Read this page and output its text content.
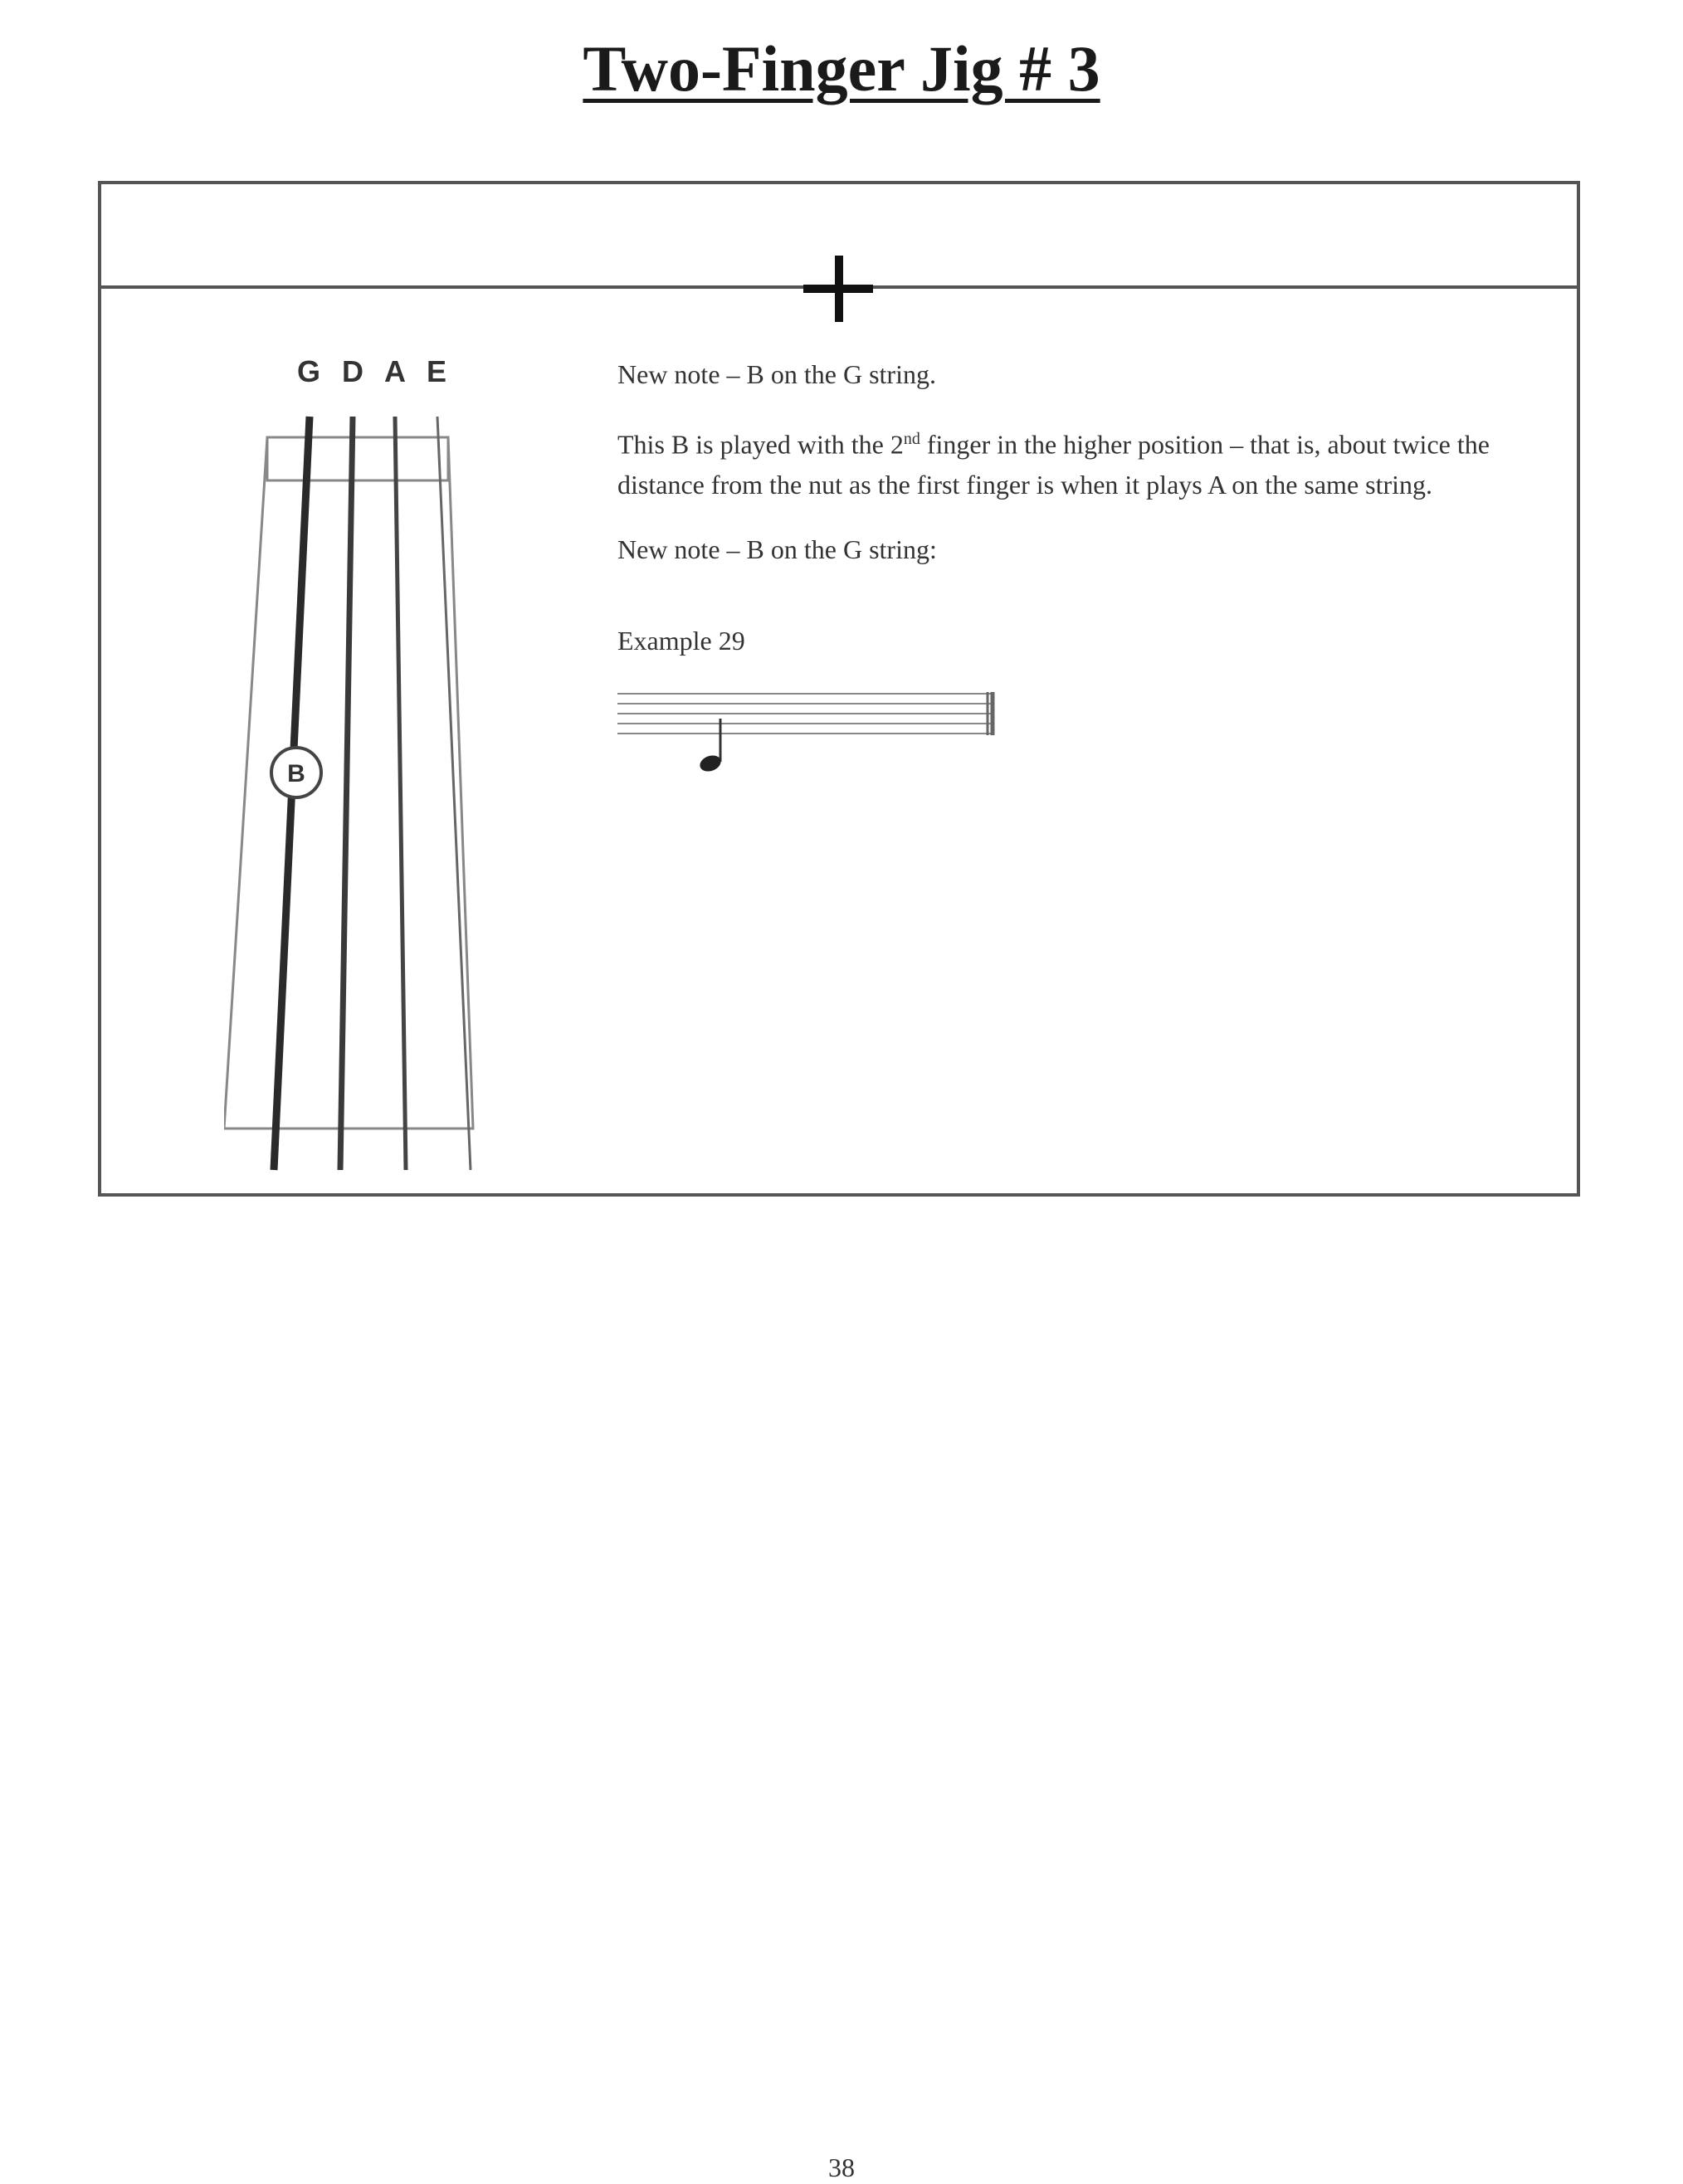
Two-Finger Jig # 3
G D A E
B

New note – B on the G string.

This B is played with the 2nd finger in the higher position – that is, about twice the distance from the nut as the first finger is when it plays A on the same string.

New note – B on the G string:

Example 29

38
